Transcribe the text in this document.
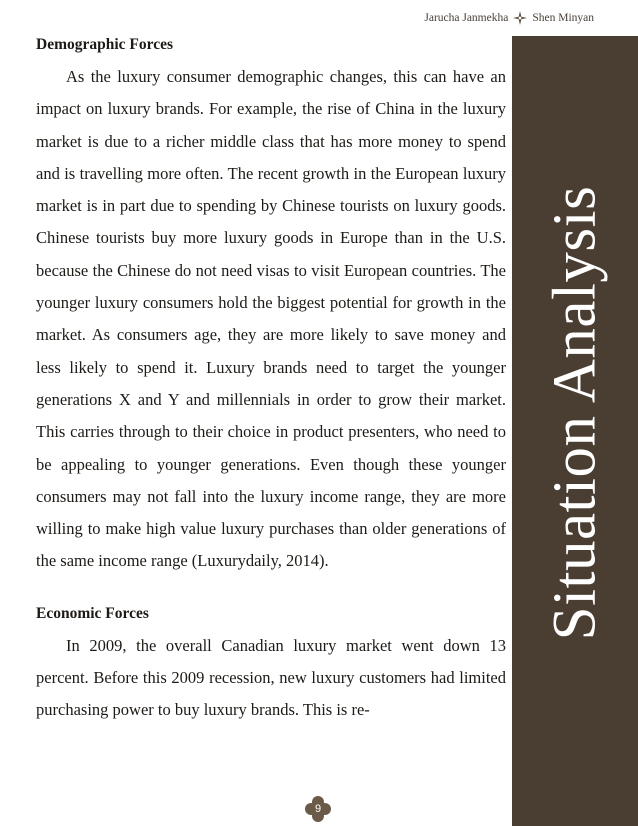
Jarucha Janmekha Shen Minyan
Situation Analysis
Demographic Forces

As the luxury consumer demographic changes, this can have an impact on luxury brands. For example, the rise of China in the luxury market is due to a richer middle class that has more money to spend and is travelling more often. The recent growth in the European luxury market is in part due to spending by Chinese tourists on luxury goods. Chinese tourists buy more luxury goods in Europe than in the U.S. because the Chinese do not need visas to visit European countries. The younger luxury consumers hold the biggest potential for growth in the market. As consumers age, they are more likely to save money and less likely to spend it. Luxury brands need to target the younger generations X and Y and millennials in order to grow their market. This carries through to their choice in product presenters, who need to be appealing to younger generations. Even though these younger consumers may not fall into the luxury income range, they are more willing to make high value luxury purchases than older generations of the same income range (Luxurydaily, 2014).

Economic Forces

In 2009, the overall Canadian luxury market went down 13 percent. Before this 2009 recession, new luxury customers had limited purchasing power to buy luxury brands. This is re-

9
